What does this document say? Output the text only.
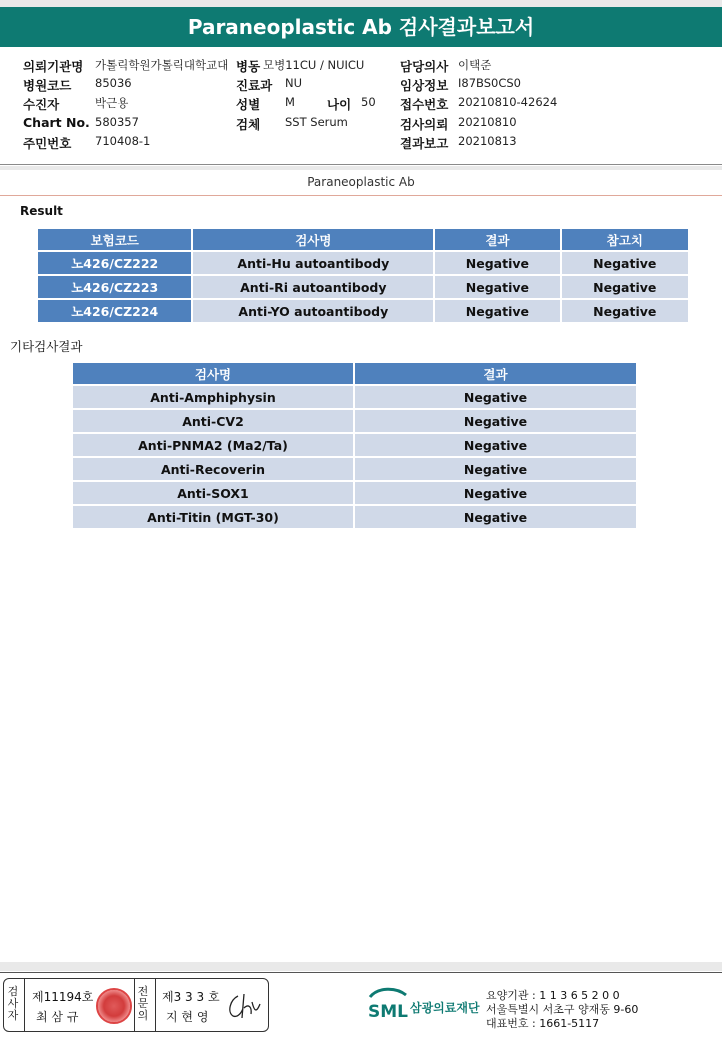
Paraneoplastic Ab 검사결과보고서
의뢰기관명 가톨릭학원가톨릭대학교대 병동 모병11CU / NUICU	담당의사 이택준
병원코드 85036	진료과 NU	임상정보 I87BS0CS0
수진자	박근용	성별 M	나이 50 접수번호 20210810-42624
Chart No. 580357	검체 SST Serum	검사의뢰 20210810
주민번호 710408-1	결과보고 20210813
Paraneoplastic Ab
Result
보험코드	검사명	결과	참고치
노426/CZ222	Anti-Hu autoantibody	Negative	Negative
노426/CZ223	Anti-Ri autoantibody	Negative	Negative
노426/CZ224	Anti-YO autoantibody	Negative	Negative
기타검사결과
검사명	결과
Anti-Amphiphysin	Negative
Anti-CV2	Negative
Anti-PNMA2 (Ma2/Ta)	Negative
Anti-Recoverin	Negative
Anti-SOX1	Negative
Anti-Titin (MGT-30)	Negative
검
사
자
제11194호
최 삼 규
전
문
의
제3 3 3 호
지 현 영	SML 삼광의료재단
요양기관 : 1 1 3 6 5 2 0 0
서울특별시 서초구 양재동 9-60
대표번호 : 1661-5117
